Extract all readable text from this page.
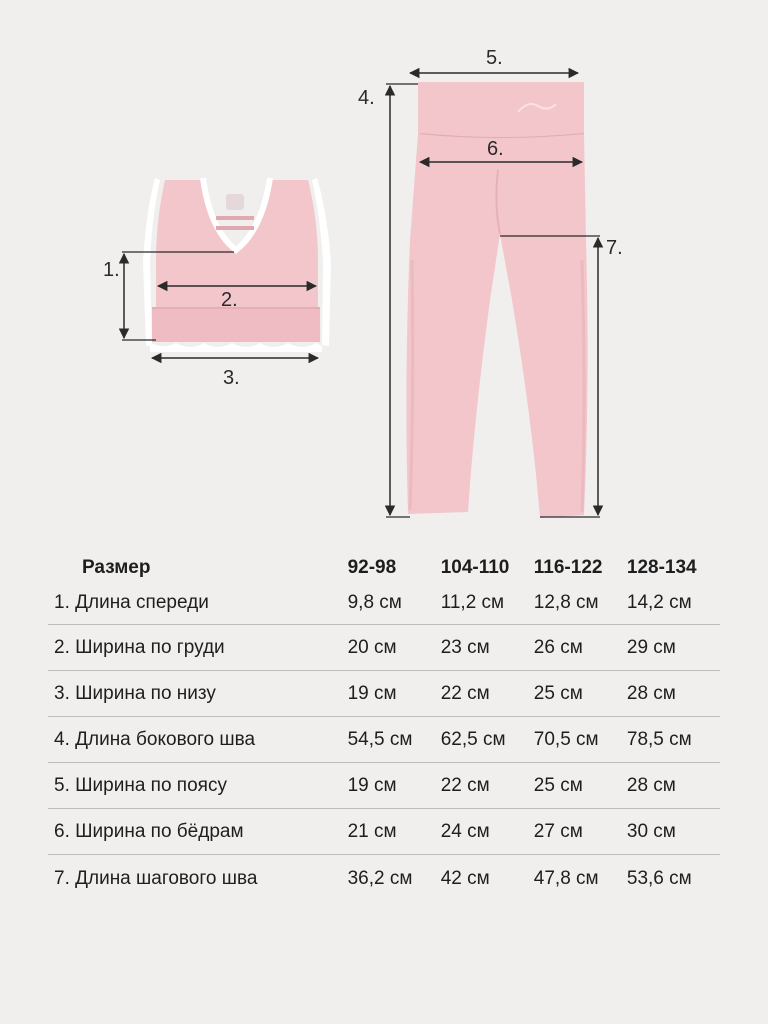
1.
2.
3.
4.
5.
6.
7.
Размер	92-98	104-110	116-122	128-134
1. Длина спереди	9,8 см	11,2 см	12,8 см	14,2 см
2. Ширина по груди	20 см	23 см	26 см	29 см
3. Ширина по низу	19 см	22 см	25 см	28 см
4. Длина бокового шва	54,5 см	62,5 см	70,5 см	78,5 см
5. Ширина по поясу	19 см	22 см	25 см	28 см
6. Ширина по бёдрам	21 см	24 см	27 см	30 см
7. Длина шагового шва	36,2 см	42 см	47,8 см	53,6 см
